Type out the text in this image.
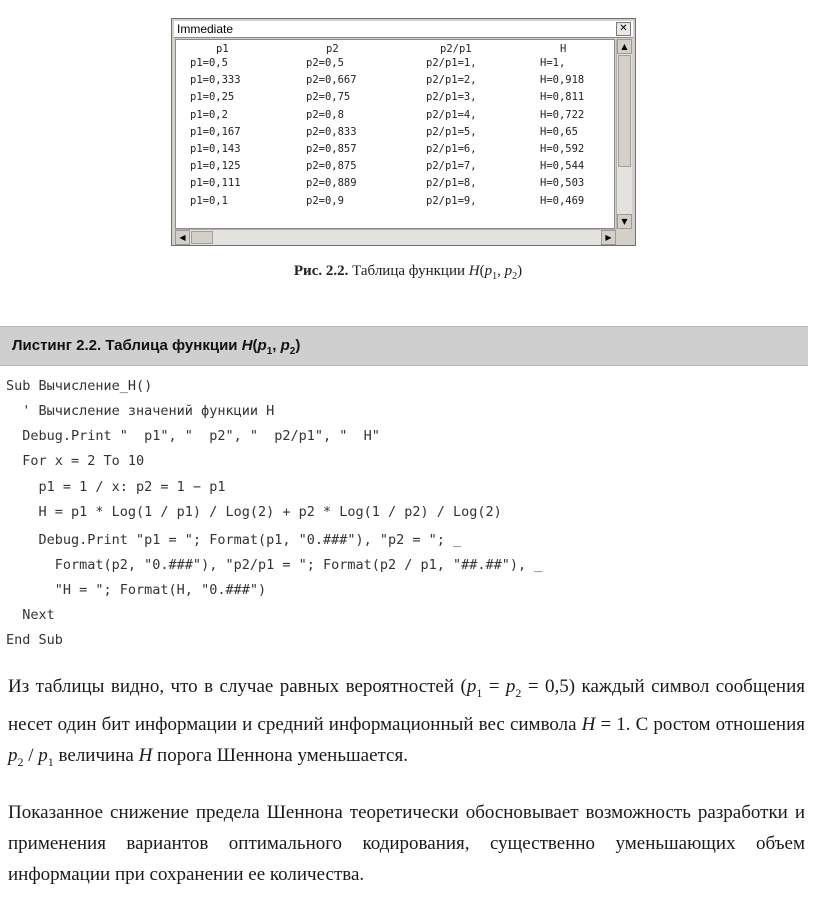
Immediate	✕
p1	p2	p2/p1	H
p1=0,5	p2=0,5	p2/p1=1,	H=1,
p1=0,333	p2=0,667	p2/p1=2,	H=0,918
p1=0,25	p2=0,75	p2/p1=3,	H=0,811
p1=0,2	p2=0,8	p2/p1=4,	H=0,722
p1=0,167	p2=0,833	p2/p1=5,	H=0,65
p1=0,143	p2=0,857	p2/p1=6,	H=0,592
p1=0,125	p2=0,875	p2/p1=7,	H=0,544
p1=0,111	p2=0,889	p2/p1=8,	H=0,503
p1=0,1	p2=0,9	p2/p1=9,	H=0,469
▲
▼
◀	▶
Рис. 2.2. Таблица функции $H(p_1$, $p_2$)
Листинг 2.2. Таблица функции $H(p_1$, $p_2$)
Sub Вычисление_H()
' Вычисление значений функции H
Debug.Print "  p1", "  p2", "  p2/p1", "  H"
For x = 2 To 10
p1 = 1 / x: p2 = 1 − p1
H = p1 * Log(1 / p1) / Log(2) + p2 * Log(1 / p2) / Log(2)
Debug.Print "p1 = "; Format(p1, "0.###"), "p2 = "; _
Format(p2, "0.###"), "p2/p1 = "; Format(p2 / p1, "##.##"), _
"H = "; Format(H, "0.###")
Next
End Sub
Из таблицы видно, что в случае равных вероятностей $(p_1 = p_2 = 0,5)$ каждый символ сообщения несет один бит информации и средний информационный вес символа H = 1. С ростом отношения $p_2 / p_1$ величина H порога Шеннона уменьшается.
Показанное снижение предела Шеннона теоретически обосновывает возможность разработки и применения вариантов оптимального кодирования, существенно уменьшающих объем информации при сохранении ее количества.
